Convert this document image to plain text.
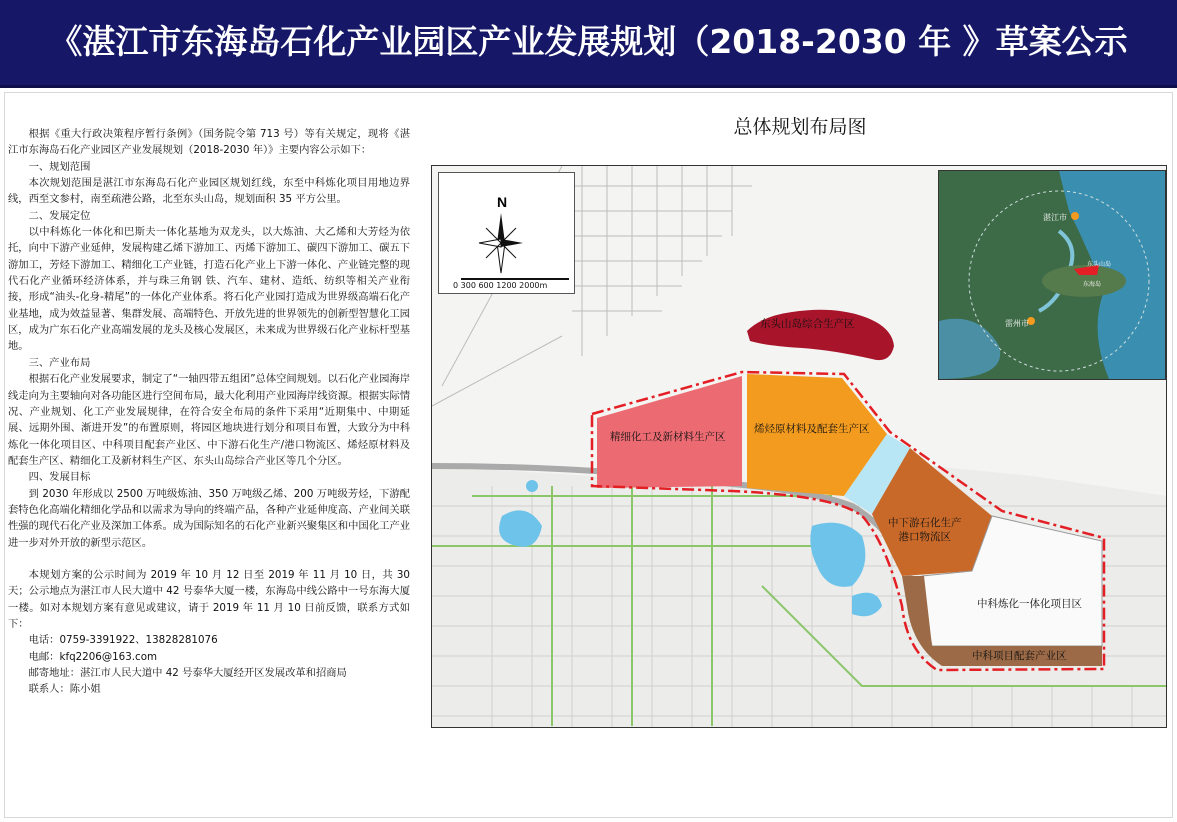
《湛江市东海岛石化产业园区产业发展规划（2018-2030 年 》草案公示

根据《重大行政决策程序暂行条例》（国务院令第 713 号）等有关规定，现将《湛江市东海岛石化产业园区产业发展规划（2018-2030 年）》主要内容公示如下：

一、规划范围

本次规划范围是湛江市东海岛石化产业园区规划红线，东至中科炼化项目用地边界线，西至文参村，南至疏港公路，北至东头山岛，规划面积 35 平方公里。

二、发展定位

以中科炼化一体化和巴斯夫一体化基地为双龙头，以大炼油、大乙烯和大芳烃为依托，向中下游产业延伸，发展构建乙烯下游加工、丙烯下游加工、碳四下游加工、碳五下游加工，芳烃下游加工、精细化工产业链，打造石化产业上下游一体化、产业链完整的现代石化产业循环经济体系，并与珠三角钢 铁、汽车、建材、造纸、纺织等相关产业衔接，形成“油头-化身-精尾”的一体化产业体系。将石化产业园打造成为世界级高端石化产业基地，成为效益显著、集群发展、高端特色、开放先进的世界领先的创新型智慧化工园区，成为广东石化产业高端发展的龙头及核心发展区，未来成为世界级石化产业标杆型基地。

三、产业布局

根据石化产业发展要求，制定了“一轴四带五组团”总体空间规划。以石化产业园海岸线走向为主要轴向对各功能区进行空间布局，最大化利用产业园海岸线资源。根据实际情况、产业规划、化工产业发展规律，在符合安全布局的条件下采用“近期集中、中期延展、远期外围、渐进开发”的布置原则，将园区地块进行划分和项目布置，大致分为中科炼化一体化项目区、中科项目配套产业区、中下游石化生产/港口物流区、烯烃原材料及配套生产区、精细化工及新材料生产区、东头山岛综合产业区等几个分区。

四、发展目标

到 2030 年形成以 2500 万吨级炼油、350 万吨级乙烯、200 万吨级芳烃，下游配套特色化高端化精细化学品和以需求为导向的终端产品，各种产业延伸度高、产业间关联性强的现代石化产业及深加工体系。成为国际知名的石化产业新兴聚集区和中国化工产业进一步对外开放的新型示范区。

本规划方案的公示时间为 2019 年 10 月 12 日至 2019 年 11 月 10 日，共 30 天；公示地点为湛江市人民大道中 42 号泰华大厦一楼，东海岛中线公路中一号东海大厦一楼。如对本规划方案有意见或建议，请于 2019 年 11 月 10 日前反馈，联系方式如下：

电话：0759-3391922、13828281076

电邮：kfq2206@163.com

邮寄地址：湛江市人民大道中 42 号泰华大厦经开区发展改革和招商局

联系人：陈小姐

总体规划布局图
N
0 300 600 1200 2000m
湛江市
雷州市
东头山岛
东海岛
东头山岛综合生产区
精细化工及新材料生产区
烯烃原材料及配套生产区
中下游石化生产
港口物流区
中科炼化一体化项目区
中科项目配套产业区
